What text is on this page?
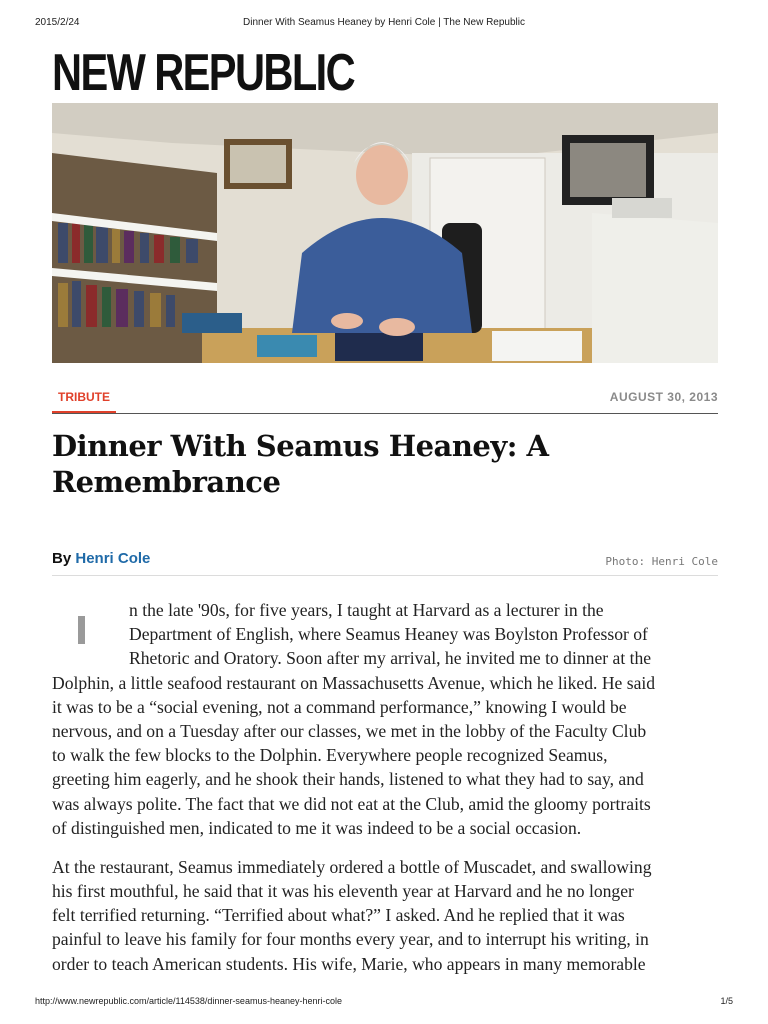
2015/2/24	Dinner With Seamus Heaney by Henri Cole | The New Republic
NEW REPUBLIC
TRIBUTE	AUGUST 30, 2013
Dinner With Seamus Heaney: A
Remembrance
By Henri Cole	Photo: Henri Cole
n the late '90s, for five years, I taught at Harvard as a lecturer in the
Department of English, where Seamus Heaney was Boylston Professor of
Rhetoric and Oratory. Soon after my arrival, he invited me to dinner at the
Dolphin, a little seafood restaurant on Massachusetts Avenue, which he liked. He said
it was to be a “social evening, not a command performance,” knowing I would be
nervous, and on a Tuesday after our classes, we met in the lobby of the Faculty Club
to walk the few blocks to the Dolphin. Everywhere people recognized Seamus,
greeting him eagerly, and he shook their hands, listened to what they had to say, and
was always polite. The fact that we did not eat at the Club, amid the gloomy portraits
of distinguished men, indicated to me it was indeed to be a social occasion.
At the restaurant, Seamus immediately ordered a bottle of Muscadet, and swallowing
his first mouthful, he said that it was his eleventh year at Harvard and he no longer
felt terrified returning. “Terrified about what?” I asked. And he replied that it was
painful to leave his family for four months every year, and to interrupt his writing, in
order to teach American students. His wife, Marie, who appears in many memorable
http://www.newrepublic.com/article/114538/dinner-seamus-heaney-henri-cole	1/5
